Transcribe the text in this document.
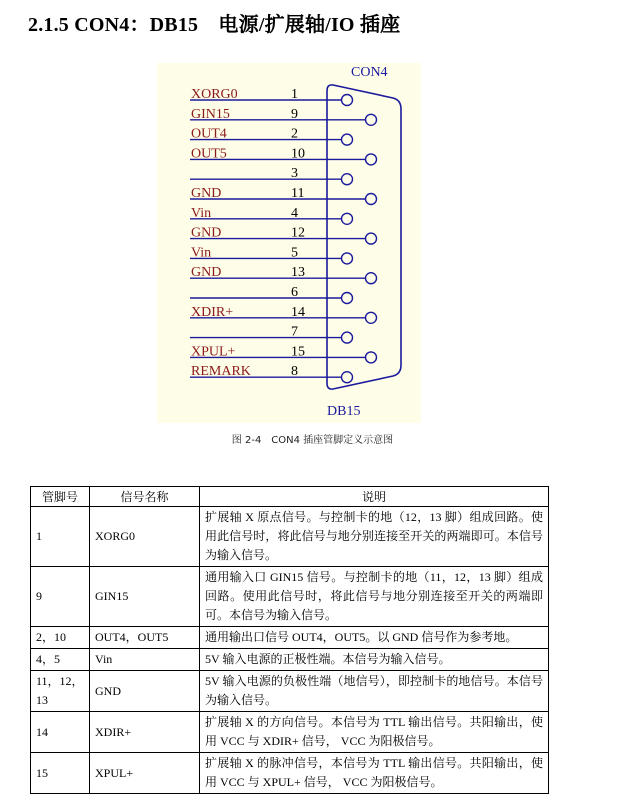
2.1.5 CON4：DB15　电源/扩展轴/IO 插座
CON4
1
XORG0
9
GIN15
2
OUT4
10
OUT5
3
11
GND
4
Vin
12
GND
5
Vin
13
GND
6
14
XDIR+
7
15
XPUL+
8
REMARK
DB15
图 2-4　CON4 插座管脚定义示意图
管脚号	信号名称	说明
1	XORG0	扩展轴 X 原点信号。与控制卡的地（12，13 脚）组成回路。使用此信号时，将此信号与地分别连接至开关的两端即可。本信号为输入信号。
9	GIN15	通用输入口 GIN15 信号。与控制卡的地（11，12，13 脚）组成回路。使用此信号时，将此信号与地分别连接至开关的两端即可。本信号为输入信号。
2，10	OUT4，OUT5	通用输出口信号 OUT4，OUT5。以 GND 信号作为参考地。
4，5	Vin	5V 输入电源的正极性端。本信号为输入信号。
11，12，13	GND	5V 输入电源的负极性端（地信号），即控制卡的地信号。本信号为输入信号。
14	XDIR+	扩展轴 X 的方向信号。本信号为 TTL 输出信号。共阳输出，使用 VCC 与 XDIR+ 信号， VCC 为阳极信号。
15	XPUL+	扩展轴 X 的脉冲信号，本信号为 TTL 输出信号。共阳输出，使用 VCC 与 XPUL+ 信号， VCC 为阳极信号。
